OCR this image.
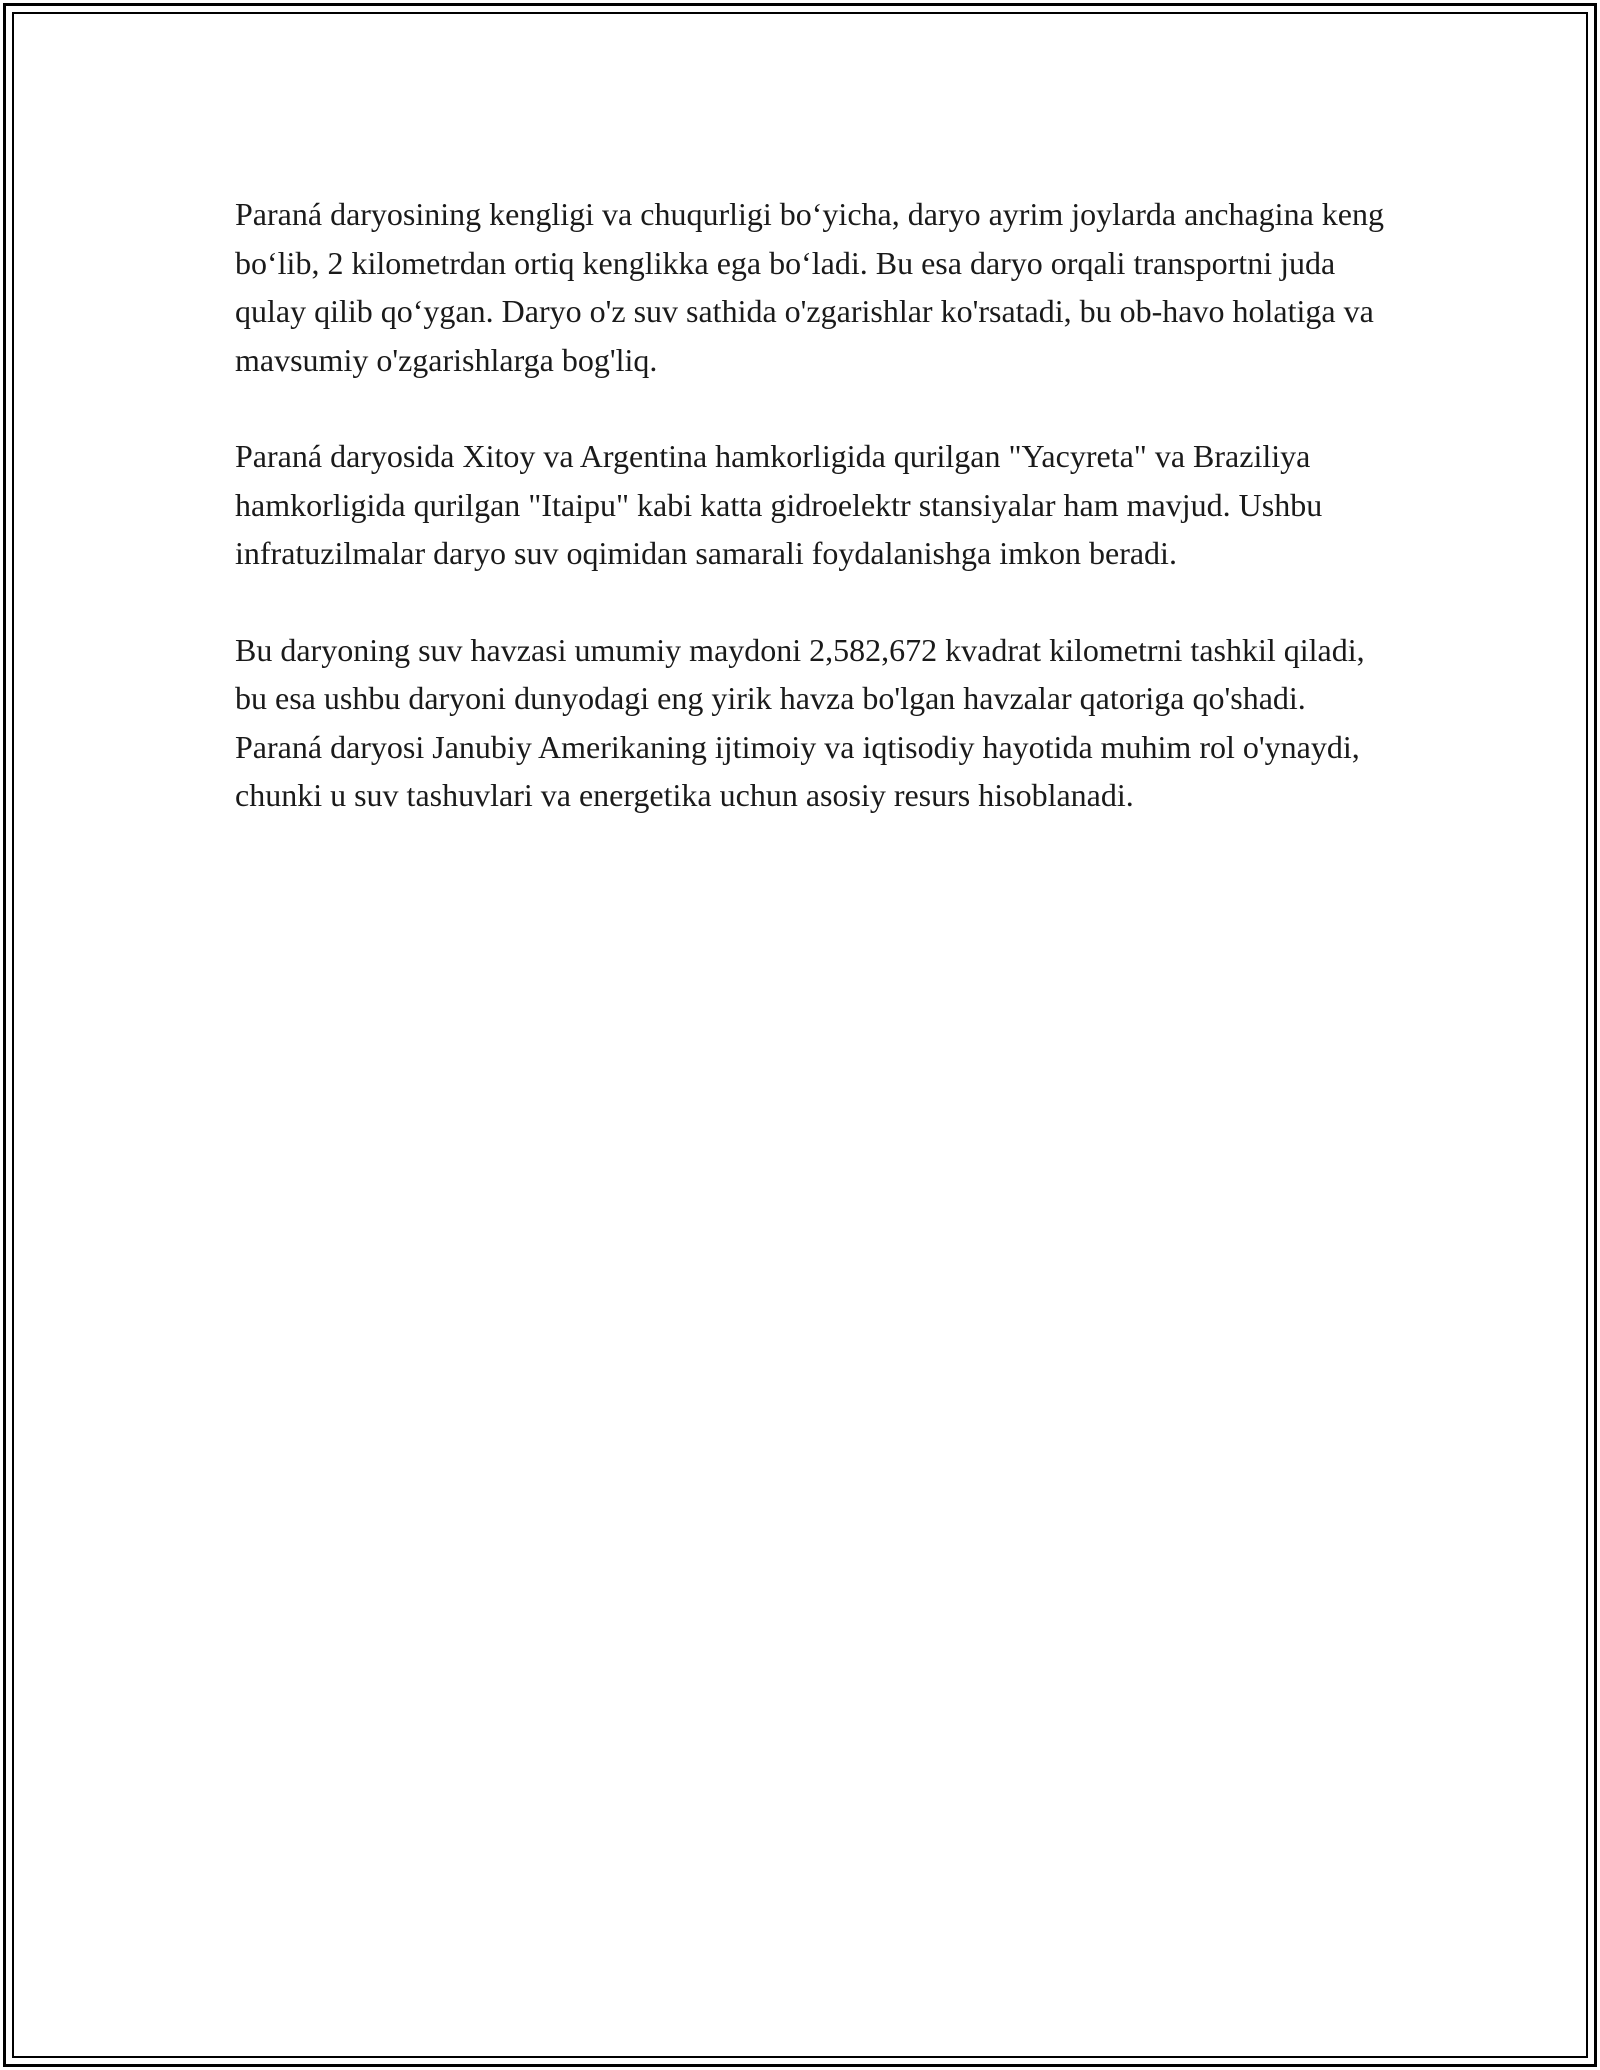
Paraná daryosining kengligi va chuqurligi bo‘yicha, daryo ayrim joylarda anchagina keng bo‘lib, 2 kilometrdan ortiq kenglikka ega bo‘ladi. Bu esa daryo orqali transportni juda qulay qilib qo‘ygan. Daryo o'z suv sathida o'zgarishlar ko'rsatadi, bu ob-havo holatiga va mavsumiy o'zgarishlarga bog'liq.

Paraná daryosida Xitoy va Argentina hamkorligida qurilgan "Yacyreta" va Braziliya hamkorligida qurilgan "Itaipu" kabi katta gidroelektr stansiyalar ham mavjud. Ushbu infratuzilmalar daryo suv oqimidan samarali foydalanishga imkon beradi.

Bu daryoning suv havzasi umumiy maydoni 2,582,672 kvadrat kilometrni tashkil qiladi, bu esa ushbu daryoni dunyodagi eng yirik havza bo'lgan havzalar qatoriga qo'shadi. Paraná daryosi Janubiy Amerikaning ijtimoiy va iqtisodiy hayotida muhim rol o'ynaydi, chunki u suv tashuvlari va energetika uchun asosiy resurs hisoblanadi.
